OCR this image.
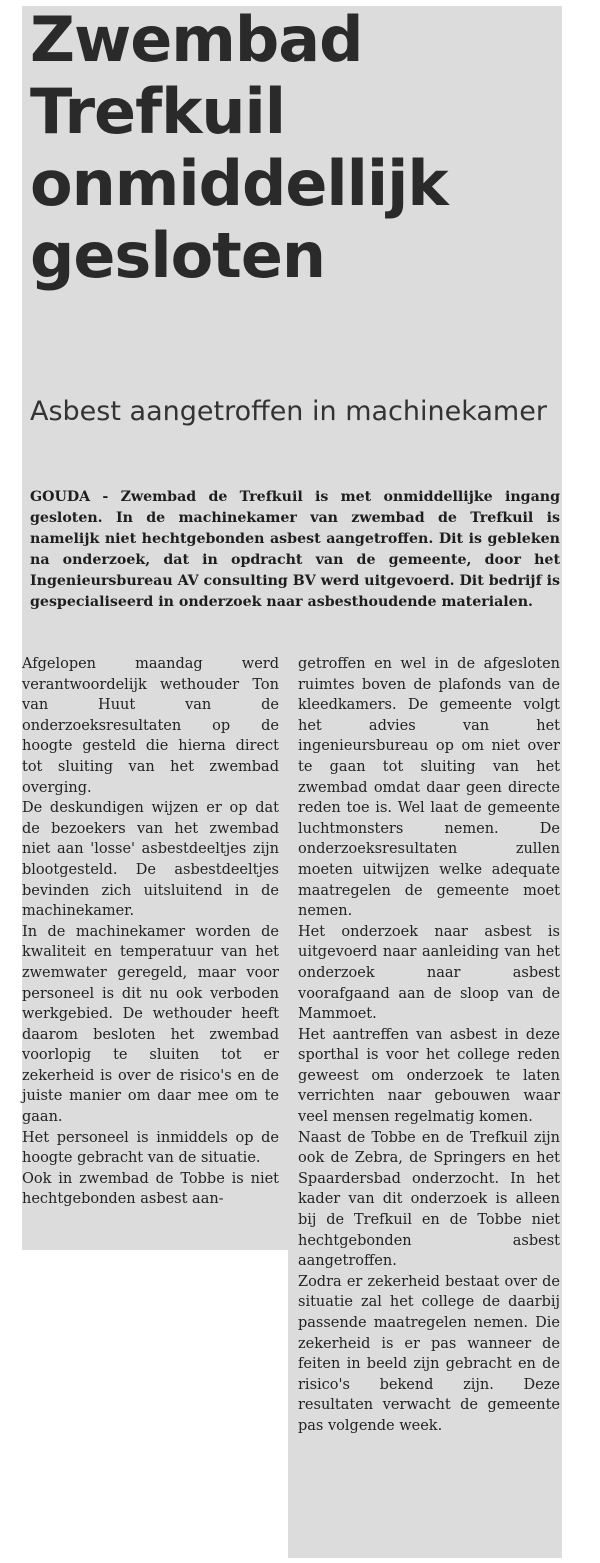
Zwembad Trefkuil onmiddellijk gesloten
Asbest aangetroffen in machinekamer

GOUDA - Zwembad de Trefkuil is met onmiddellijke ingang gesloten. In de machinekamer van zwembad de Trefkuil is namelijk niet hechtgebonden asbest aangetroffen. Dit is gebleken na onderzoek, dat in opdracht van de gemeente, door het Ingenieursbureau AV consulting BV werd uitgevoerd. Dit bedrijf is gespecialiseerd in onderzoek naar asbesthoudende materialen.

Afgelopen maandag werd verantwoordelijk wethouder Ton van Huut van de onderzoeksresultaten op de hoogte gesteld die hierna direct tot sluiting van het zwembad overging.

De deskundigen wijzen er op dat de bezoekers van het zwembad niet aan 'losse' asbestdeeltjes zijn blootgesteld. De asbestdeeltjes bevinden zich uitsluitend in de machinekamer.

In de machinekamer worden de kwaliteit en temperatuur van het zwemwater geregeld, maar voor personeel is dit nu ook verboden werkgebied. De wethouder heeft daarom besloten het zwembad voorlopig te sluiten tot er zekerheid is over de risico's en de juiste manier om daar mee om te gaan.

Het personeel is inmiddels op de hoogte gebracht van de situatie.

Ook in zwembad de Tobbe is niet hechtgebonden asbest aan-

getroffen en wel in de afgesloten ruimtes boven de plafonds van de kleedkamers. De gemeente volgt het advies van het ingenieursbureau op om niet over te gaan tot sluiting van het zwembad omdat daar geen directe reden toe is. Wel laat de gemeente luchtmonsters nemen. De onderzoeksresultaten zullen moeten uitwijzen welke adequate maatregelen de gemeente moet nemen.

Het onderzoek naar asbest is uitgevoerd naar aanleiding van het onderzoek naar asbest voorafgaand aan de sloop van de Mammoet.

Het aantreffen van asbest in deze sporthal is voor het college reden geweest om onderzoek te laten verrichten naar gebouwen waar veel mensen regelmatig komen.

Naast de Tobbe en de Trefkuil zijn ook de Zebra, de Springers en het Spaardersbad onderzocht. In het kader van dit onderzoek is alleen bij de Trefkuil en de Tobbe niet hechtgebonden asbest aangetroffen.

Zodra er zekerheid bestaat over de situatie zal het college de daarbij passende maatregelen nemen. Die zekerheid is er pas wanneer de feiten in beeld zijn gebracht en de risico's bekend zijn. Deze resultaten verwacht de gemeente pas volgende week.
